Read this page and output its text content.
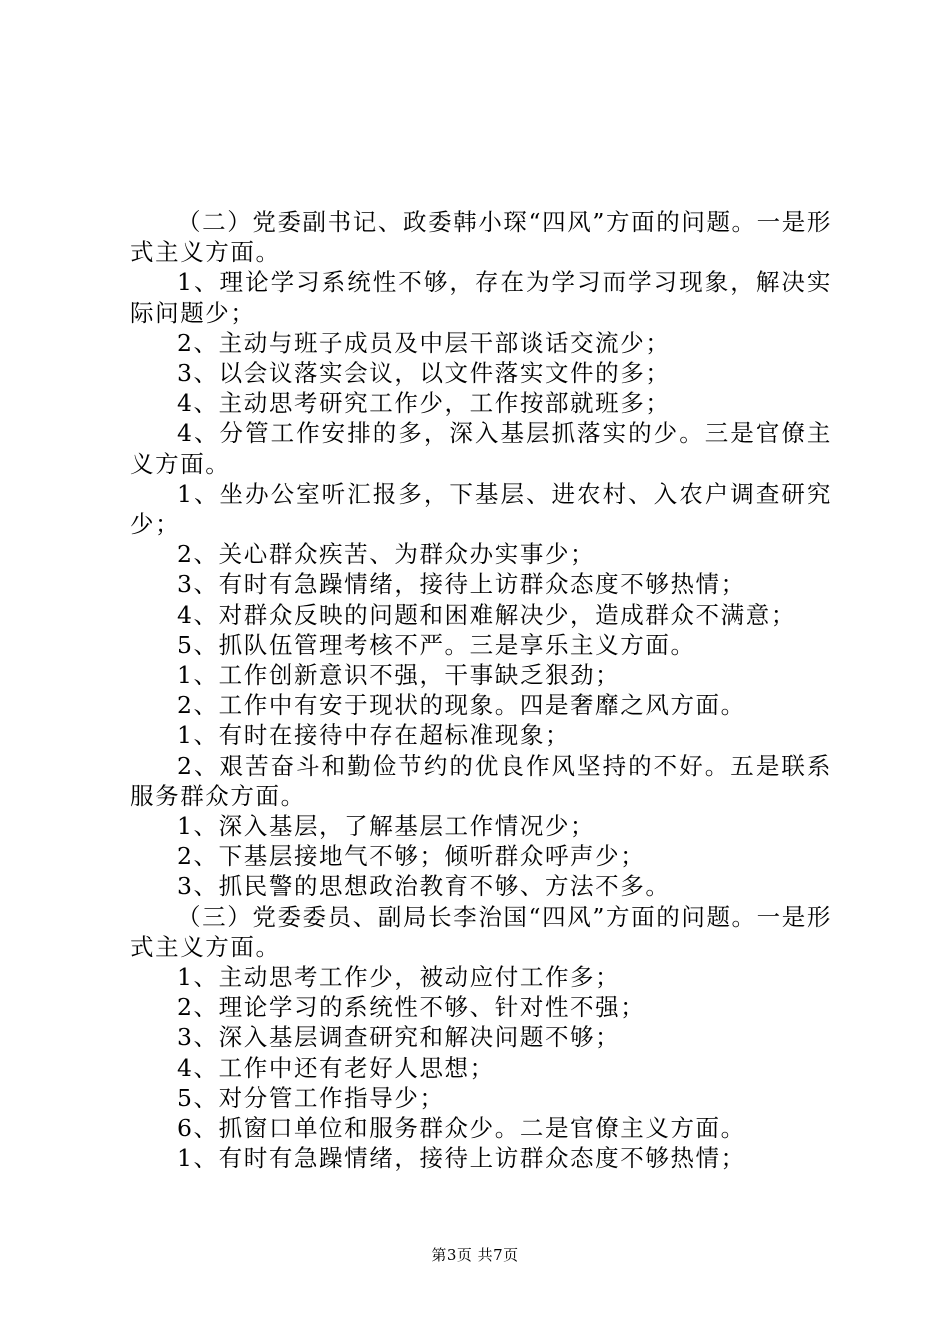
（二）党委副书记、政委韩小琛“四风”方面的问题。一是形式主义方面。

1、理论学习系统性不够，存在为学习而学习现象，解决实际问题少；

2、主动与班子成员及中层干部谈话交流少；

3、以会议落实会议，以文件落实文件的多；

4、主动思考研究工作少，工作按部就班多；

4、分管工作安排的多，深入基层抓落实的少。三是官僚主义方面。

1、坐办公室听汇报多，下基层、进农村、入农户调查研究少；

2、关心群众疾苦、为群众办实事少；

3、有时有急躁情绪，接待上访群众态度不够热情；

4、对群众反映的问题和困难解决少，造成群众不满意；

5、抓队伍管理考核不严。三是享乐主义方面。

1、工作创新意识不强，干事缺乏狠劲；

2、工作中有安于现状的现象。四是奢靡之风方面。

1、有时在接待中存在超标准现象；

2、艰苦奋斗和勤俭节约的优良作风坚持的不好。五是联系服务群众方面。

1、深入基层，了解基层工作情况少；

2、下基层接地气不够；倾听群众呼声少；

3、抓民警的思想政治教育不够、方法不多。

（三）党委委员、副局长李治国“四风”方面的问题。一是形式主义方面。

1、主动思考工作少，被动应付工作多；

2、理论学习的系统性不够、针对性不强；

3、深入基层调查研究和解决问题不够；

4、工作中还有老好人思想；

5、对分管工作指导少；

6、抓窗口单位和服务群众少。二是官僚主义方面。

1、有时有急躁情绪，接待上访群众态度不够热情；

第3页 共7页
